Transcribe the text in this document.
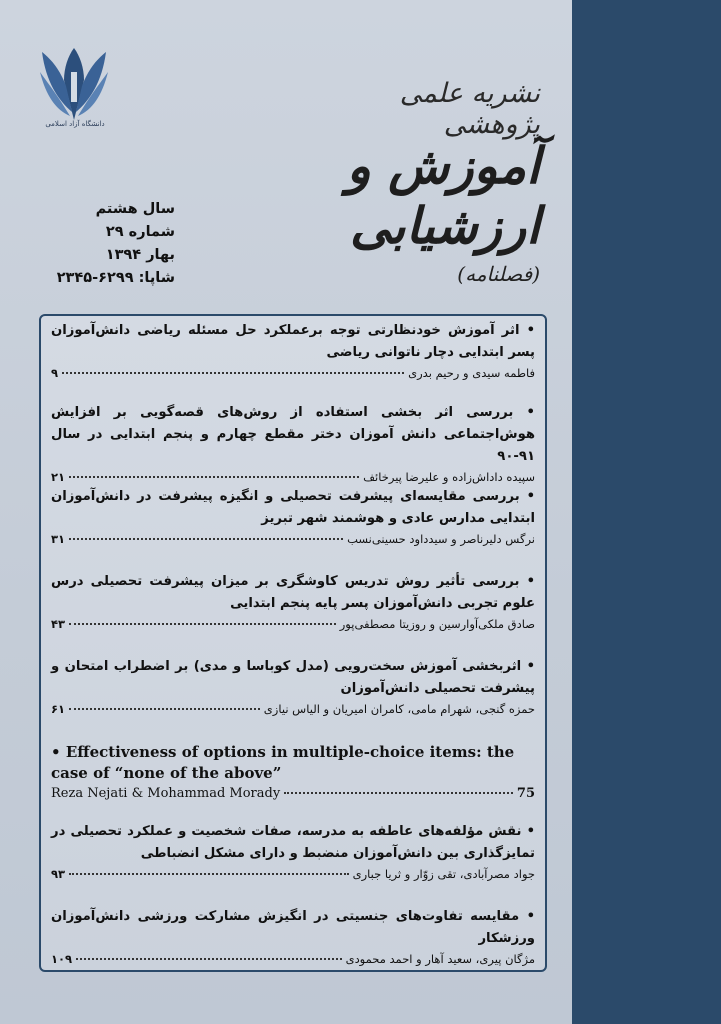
دانشگاه آزاد اسلامی
نشریه علمی پژوهشی
آموزش و ارزشیابی
(فصلنامه)
سال هشتم
شماره ۲۹
بهار ۱۳۹۴
شاپا: ۶۲۹۹-۲۳۴۵
• اثر آموزش خودنظارتی توجه برعملکرد حل مسئله ریاضی دانش‌آموزان پسر ابتدایی دچار ناتوانی ریاضی
فاطمه سیدی و رحیم بدری
۹
• بررسی اثر بخشی استفاده از روش‌های قصه‌گویی بر افزایش هوش‌اجتماعی دانش آموزان دختر مقطع چهارم و پنجم ابتدایی در سال ۹۱-۹۰
سپیده داداش‌زاده و علیرضا پیرخائف
۲۱
• بررسی مقایسه‌ای پیشرفت تحصیلی و انگیزه پیشرفت در دانش‌آموزان ابتدایی مدارس عادی و هوشمند شهر تبریز
نرگس دلیرناصر و سیدداود حسینی‌نسب
۳۱
• بررسی تأثیر روش تدریس کاوشگری بر میزان پیشرفت تحصیلی درس علوم تجربی دانش‌آموزان پسر پایه پنجم ابتدایی
صادق ملکی‌آوارسین و روزیتا مصطفی‌پور
۴۳
• اثربخشی آموزش سخت‌رویی (مدل کوباسا و مدی) بر اضطراب امتحان و پیشرفت تحصیلی دانش‌آموزان
حمزه گنجی، شهرام مامی، کامران امیریان و الیاس نیازی
۶۱
• Effectiveness of options in multiple-choice items: the case of “none of the above”
Reza Nejati & Mohammad Morady	75
• نقش مؤلفه‌های عاطفه به مدرسه، صفات شخصیت و عملکرد تحصیلی در تمایزگذاری بین دانش‌آموزان منضبط و دارای مشکل انضباطی
جواد مصرآبادی، تقی زوّار و ثریا جباری
۹۳
• مقایسه تفاوت‌های جنسیتی در انگیزش مشارکت ورزشی دانش‌آموزان ورزشکار
مژگان پیری، سعید آهار و احمد محمودی
۱۰۹
